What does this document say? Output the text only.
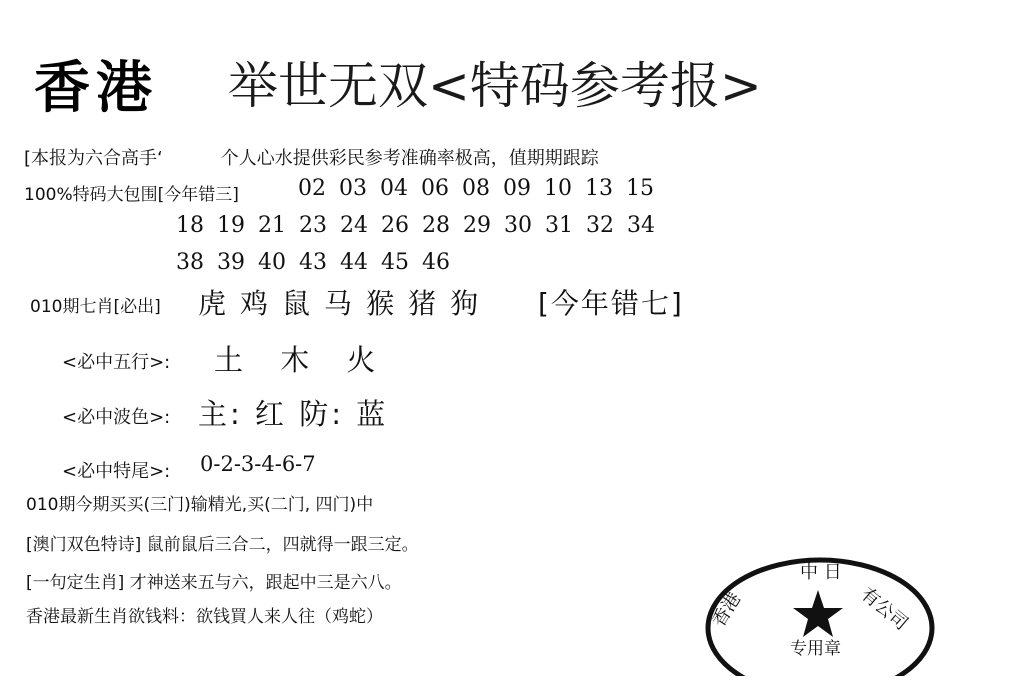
香港 举世无双<特码参考报>
[本报为六合高手‘	个人心水提供彩民参考准确率极高，值期期跟踪
100%特码大包围[今年错三]	02 03 04 06 08 09 10 13 15
18 19 21 23 24 26 28 29 30 31 32 34
38 39 40 43 44 45 46
010期七肖[必出] 虎 鸡 鼠 马 猴 猪 狗	[今年错七]
<必中五行>: 土 木 火
<必中波色>: 主: 红 防: 蓝
<必中特尾>: 0-2-3-4-6-7
010期今期买买(三门)输精光,买(二门, 四门)中
[澳门双色特诗] 鼠前鼠后三合二，四就得一跟三定。
[一句定生肖] 才神送来五与六，跟起中三是六八。
香港最新生肖欲钱料：欲钱買人来人往（鸡蛇）	香港
中 日
有公司
专用章
